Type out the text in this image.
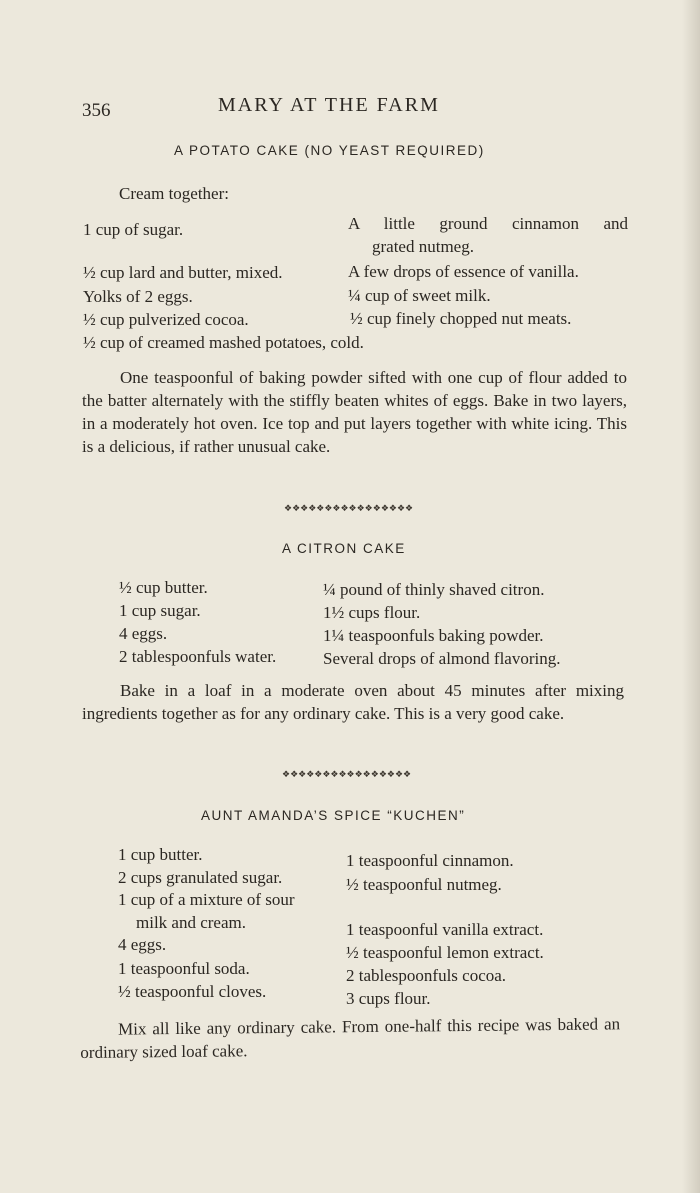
356	MARY AT THE FARM
A POTATO CAKE (NO YEAST REQUIRED)
Cream together:
1 cup of sugar.
½ cup lard and butter, mixed.
Yolks of 2 eggs.
½ cup pulverized cocoa.
½ cup of creamed mashed potatoes, cold.
A little ground cinnamon and
grated nutmeg.
A few drops of essence of vanilla.
¼ cup of sweet milk.
½ cup finely chopped nut meats.

One teaspoonful of baking powder sifted with one cup of flour added to the batter alternately with the stiffly beaten whites of eggs. Bake in two layers, in a moderately hot oven. Ice top and put layers together with white icing. This is a delicious, if rather unusual cake.

❖❖❖❖❖❖❖❖❖❖❖❖❖❖❖❖
A CITRON CAKE
½ cup butter.
1 cup sugar.
4 eggs.
2 tablespoonfuls water.
¼ pound of thinly shaved citron.
1½ cups flour.
1¼ teaspoonfuls baking powder.
Several drops of almond flavoring.

Bake in a loaf in a moderate oven about 45 minutes after mixing ingredients together as for any ordinary cake. This is a very good cake.

❖❖❖❖❖❖❖❖❖❖❖❖❖❖❖❖
AUNT AMANDA’S SPICE “KUCHEN”
1 cup butter.
2 cups granulated sugar.
1 cup of a mixture of sour
milk and cream.
4 eggs.
1 teaspoonful soda.
½ teaspoonful cloves.
1 teaspoonful cinnamon.
½ teaspoonful nutmeg.
1 teaspoonful vanilla extract.
½ teaspoonful lemon extract.
2 tablespoonfuls cocoa.
3 cups flour.

Mix all like any ordinary cake. From one-half this recipe was baked an ordinary sized loaf cake.
